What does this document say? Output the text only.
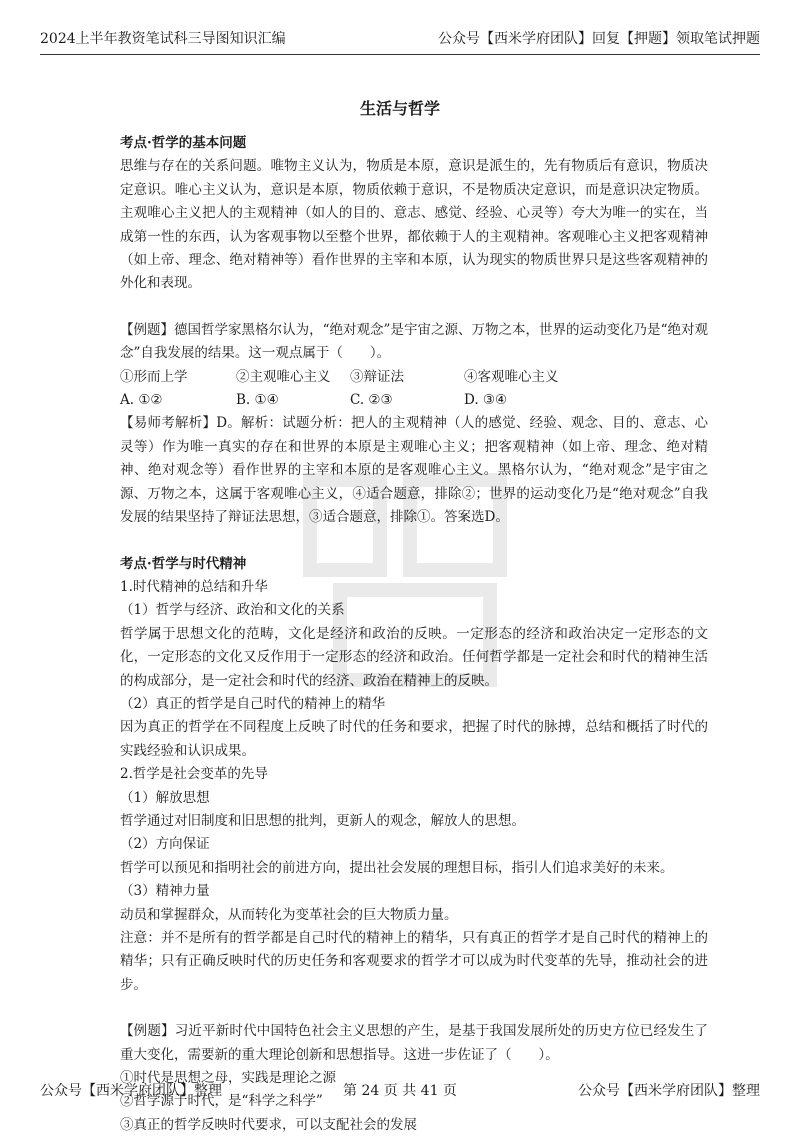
2024上半年教资笔试科三导图知识汇编	公众号【西米学府团队】回复【押题】领取笔试押题
生活与哲学

考点·哲学的基本问题

思维与存在的关系问题。唯物主义认为，物质是本原，意识是派生的，先有物质后有意识，物质决定意识。唯心主义认为，意识是本原，物质依赖于意识，不是物质决定意识，而是意识决定物质。主观唯心主义把人的主观精神（如人的目的、意志、感觉、经验、心灵等）夸大为唯一的实在，当成第一性的东西，认为客观事物以至整个世界，都依赖于人的主观精神。客观唯心主义把客观精神（如上帝、理念、绝对精神等）看作世界的主宰和本原，认为现实的物质世界只是这些客观精神的外化和表现。

【例题】德国哲学家黑格尔认为，“绝对观念”是宇宙之源、万物之本，世界的运动变化乃是“绝对观念”自我发展的结果。这一观点属于（　　）。

①形而上学	②主观唯心主义	③辩证法	④客观唯心主义

A. ①②	B. ①④	C. ②③	D. ③④

【易师考解析】D。解析：试题分析：把人的主观精神（人的感觉、经验、观念、目的、意志、心灵等）作为唯一真实的存在和世界的本原是主观唯心主义；把客观精神（如上帝、理念、绝对精神、绝对观念等）看作世界的主宰和本原的是客观唯心主义。黑格尔认为，“绝对观念”是宇宙之源、万物之本，这属于客观唯心主义，④适合题意，排除②；世界的运动变化乃是“绝对观念”自我发展的结果坚持了辩证法思想，③适合题意，排除①。答案选D。

考点·哲学与时代精神

1.时代精神的总结和升华

（1）哲学与经济、政治和文化的关系

哲学属于思想文化的范畴，文化是经济和政治的反映。一定形态的经济和政治决定一定形态的文化，一定形态的文化又反作用于一定形态的经济和政治。任何哲学都是一定社会和时代的精神生活的构成部分，是一定社会和时代的经济、政治在精神上的反映。

（2）真正的哲学是自己时代的精神上的精华

因为真正的哲学在不同程度上反映了时代的任务和要求，把握了时代的脉搏，总结和概括了时代的实践经验和认识成果。

2.哲学是社会变革的先导

（1）解放思想

哲学通过对旧制度和旧思想的批判，更新人的观念，解放人的思想。

（2）方向保证

哲学可以预见和指明社会的前进方向，提出社会发展的理想目标，指引人们追求美好的未来。

（3）精神力量

动员和掌握群众，从而转化为变革社会的巨大物质力量。

注意：并不是所有的哲学都是自己时代的精神上的精华，只有真正的哲学才是自己时代的精神上的精华；只有正确反映时代的历史任务和客观要求的哲学才可以成为时代变革的先导，推动社会的进步。

【例题】习近平新时代中国特色社会主义思想的产生，是基于我国发展所处的历史方位已经发生了重大变化，需要新的重大理论创新和思想指导。这进一步佐证了（　　）。

①时代是思想之母，实践是理论之源

②哲学源于时代，是“科学之科学”

③真正的哲学反映时代要求，可以支配社会的发展

公众号【西米学府团队】整理	第 24 页 共 41 页	公众号【西米学府团队】整理
